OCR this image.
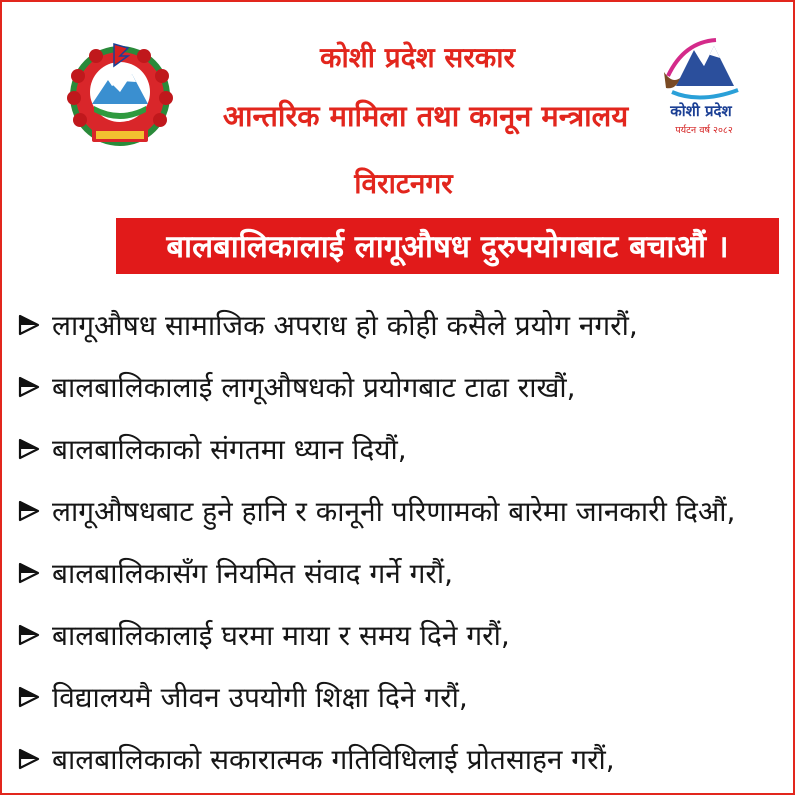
कोशी प्रदेश
पर्यटन वर्ष २०८२
कोशी प्रदेश सरकार
आन्तरिक मामिला तथा कानून मन्त्रालय
विराटनगर
बालबालिकालाई लागूऔषध दुरुपयोगबाट बचाऔं ।
लागूऔषध सामाजिक अपराध हो कोही कसैले प्रयोग नगरौं,
बालबालिकालाई लागूऔषधको प्रयोगबाट टाढा राखौं,
बालबालिकाको संगतमा ध्यान दियौं,
लागूऔषधबाट हुने हानि र कानूनी परिणामको बारेमा जानकारी दिऔं,
बालबालिकासँग नियमित संवाद गर्ने गरौं,
बालबालिकालाई घरमा माया र समय दिने गरौं,
विद्यालयमै जीवन उपयोगी शिक्षा दिने गरौं,
बालबालिकाको सकारात्मक गतिविधिलाई प्रोतसाहन गरौं,
